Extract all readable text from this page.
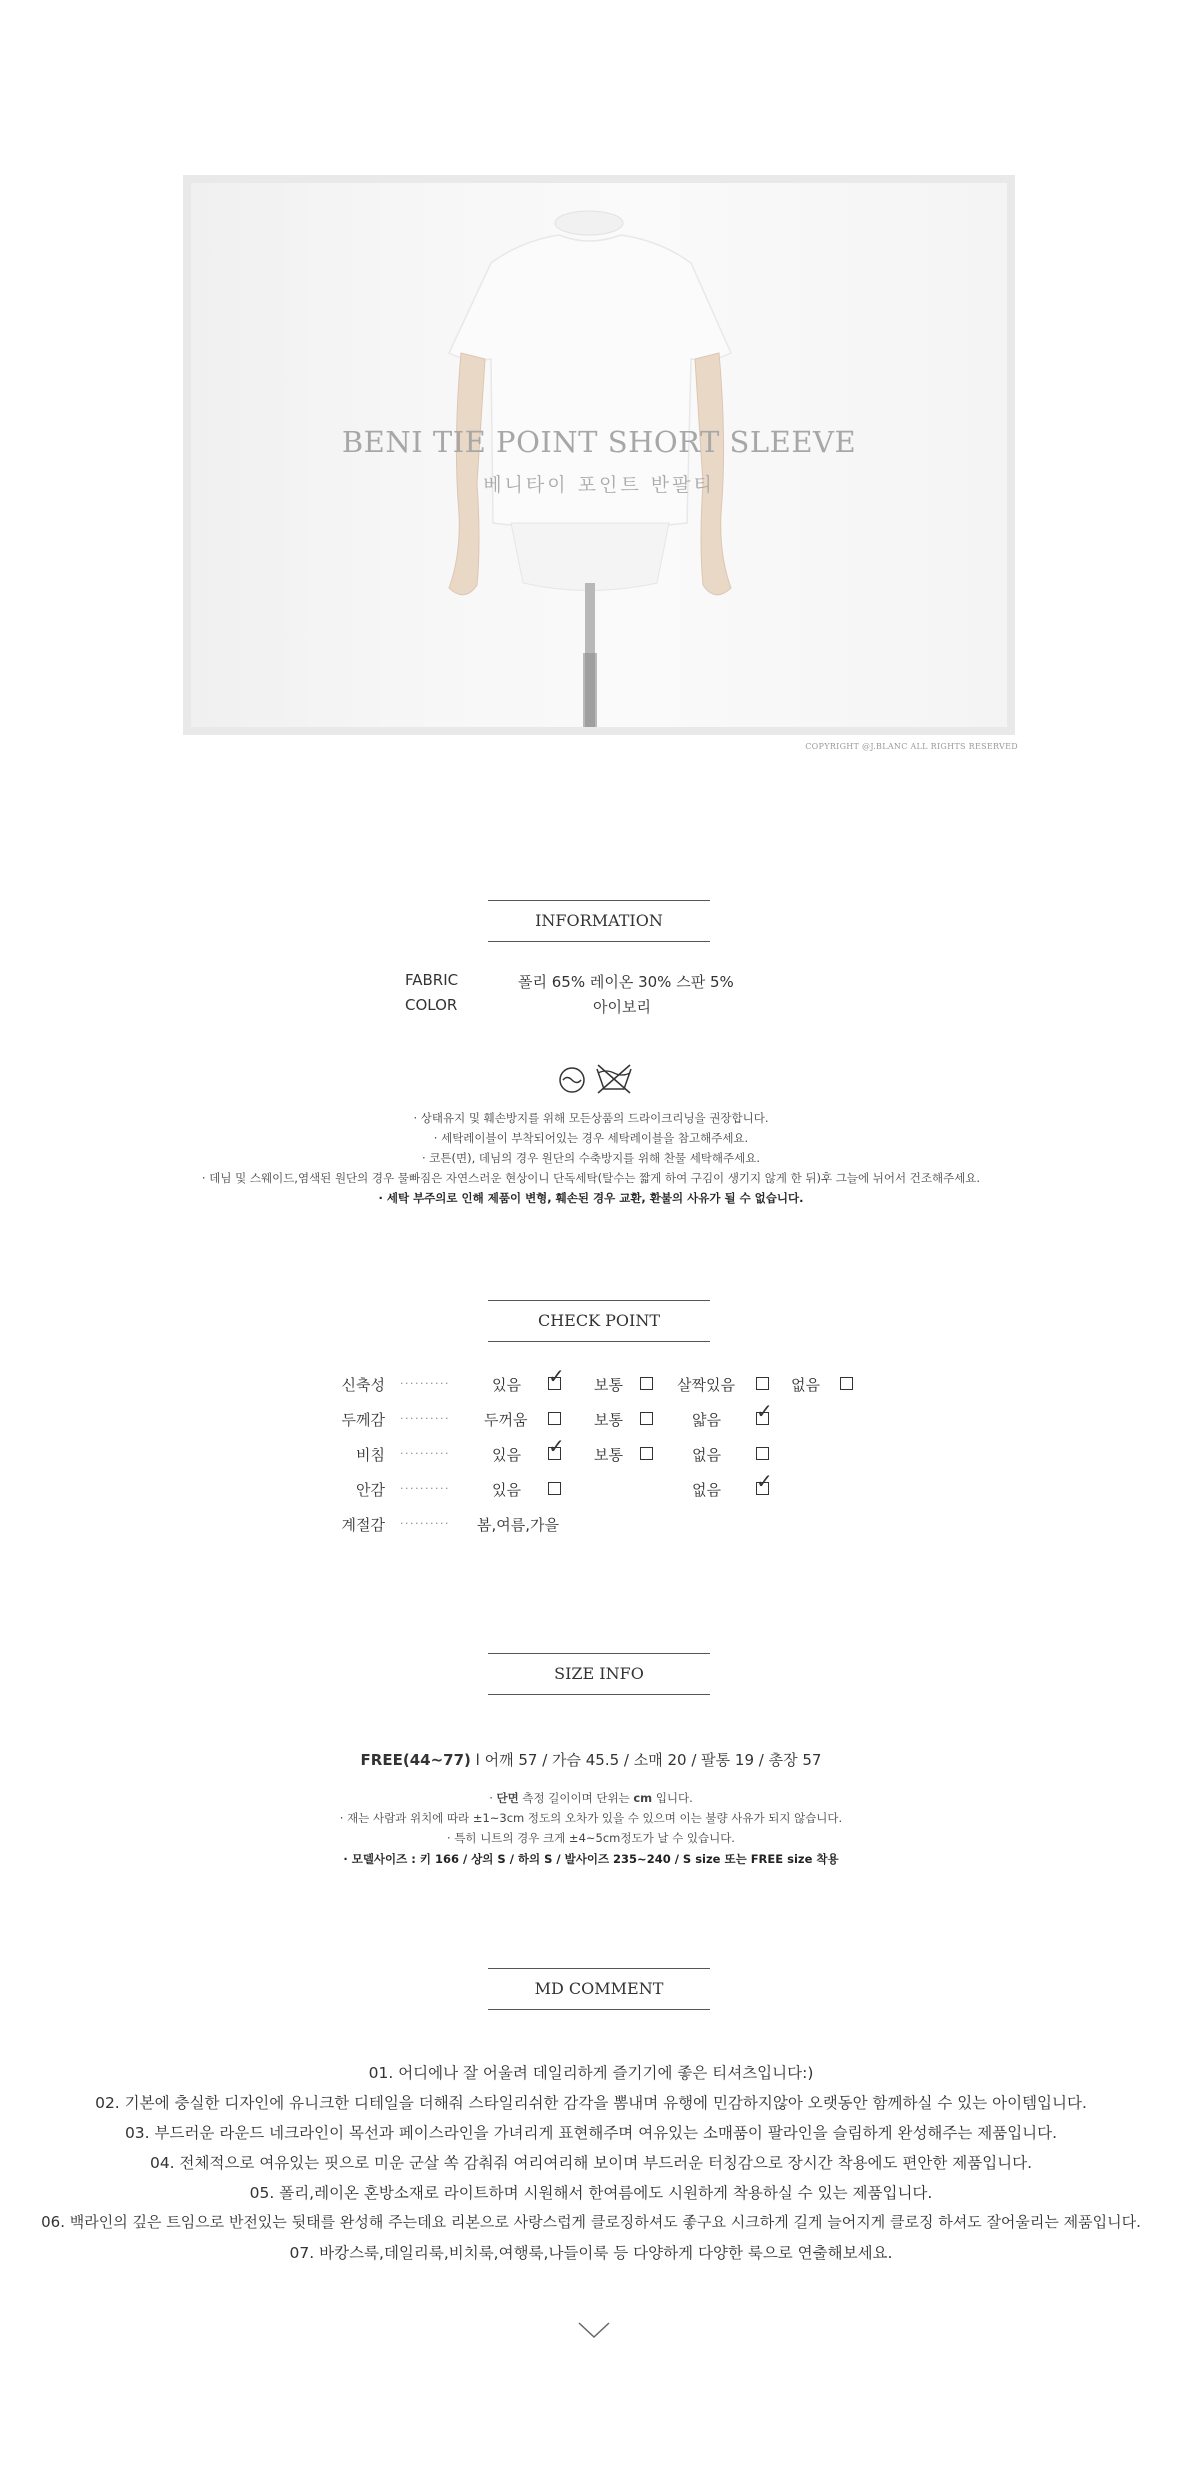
BENI TIE POINT SHORT SLEEVE
베니타이 포인트 반팔티
COPYRIGHT @J.BLANC ALL RIGHTS RESERVED
INFORMATION
FABRIC	폴리 65% 레이온 30% 스판 5%
COLOR	아이보리
· 상태유지 및 훼손방지를 위해 모든상품의 드라이크리닝을 권장합니다.
· 세탁레이블이 부착되어있는 경우 세탁레이블을 참고해주세요.
· 코튼(면), 데님의 경우 원단의 수축방지를 위해 찬물 세탁해주세요.
· 데님 및 스웨이드,염색된 원단의 경우 물빠짐은 자연스러운 현상이니 단독세탁(탈수는 짧게 하여 구김이 생기지 않게 한 뒤)후 그늘에 뉘어서 건조해주세요.
· 세탁 부주의로 인해 제품이 변형, 훼손된 경우 교환, 환불의 사유가 될 수 없습니다.
CHECK POINT
신축성 ··········	있음 ✓ 보통	살짝있음	없음
두께감 ·········· 두꺼움	보통	얇음 ✓
비침 ··········	있음 ✓ 보통	없음
안감 ··········	있음	없음 ✓
계절감 ·········· 봄,여름,가을
SIZE INFO
FREE(44~77) l 어깨 57 / 가슴 45.5 / 소매 20 / 팔통 19 / 총장 57
· 단면 측정 길이이며 단위는 cm 입니다.
· 재는 사람과 위치에 따라 ±1~3cm 정도의 오차가 있을 수 있으며 이는 불량 사유가 되지 않습니다.
· 특히 니트의 경우 크게 ±4~5cm정도가 날 수 있습니다.
· 모델사이즈 : 키 166 / 상의 S / 하의 S / 발사이즈 235~240 / S size 또는 FREE size 착용
MD COMMENT
01. 어디에나 잘 어울려 데일리하게 즐기기에 좋은 티셔츠입니다:)
02. 기본에 충실한 디자인에 유니크한 디테일을 더해줘 스타일리쉬한 감각을 뽐내며 유행에 민감하지않아 오랫동안 함께하실 수 있는 아이템입니다.
03. 부드러운 라운드 네크라인이 목선과 페이스라인을 가녀리게 표현해주며 여유있는 소매품이 팔라인을 슬림하게 완성해주는 제품입니다.
04. 전체적으로 여유있는 핏으로 미운 군살 쏙 감춰줘 여리여리해 보이며 부드러운 터칭감으로 장시간 착용에도 편안한 제품입니다.
05. 폴리,레이온 혼방소재로 라이트하며 시원해서 한여름에도 시원하게 착용하실 수 있는 제품입니다.
06. 백라인의 깊은 트임으로 반전있는 뒷태를 완성해 주는데요 리본으로 사랑스럽게 클로징하셔도 좋구요 시크하게 길게 늘어지게 클로징 하셔도 잘어울리는 제품입니다.
07. 바캉스룩,데일리룩,비치룩,여행룩,나들이룩 등 다양하게 다양한 룩으로 연출해보세요.
